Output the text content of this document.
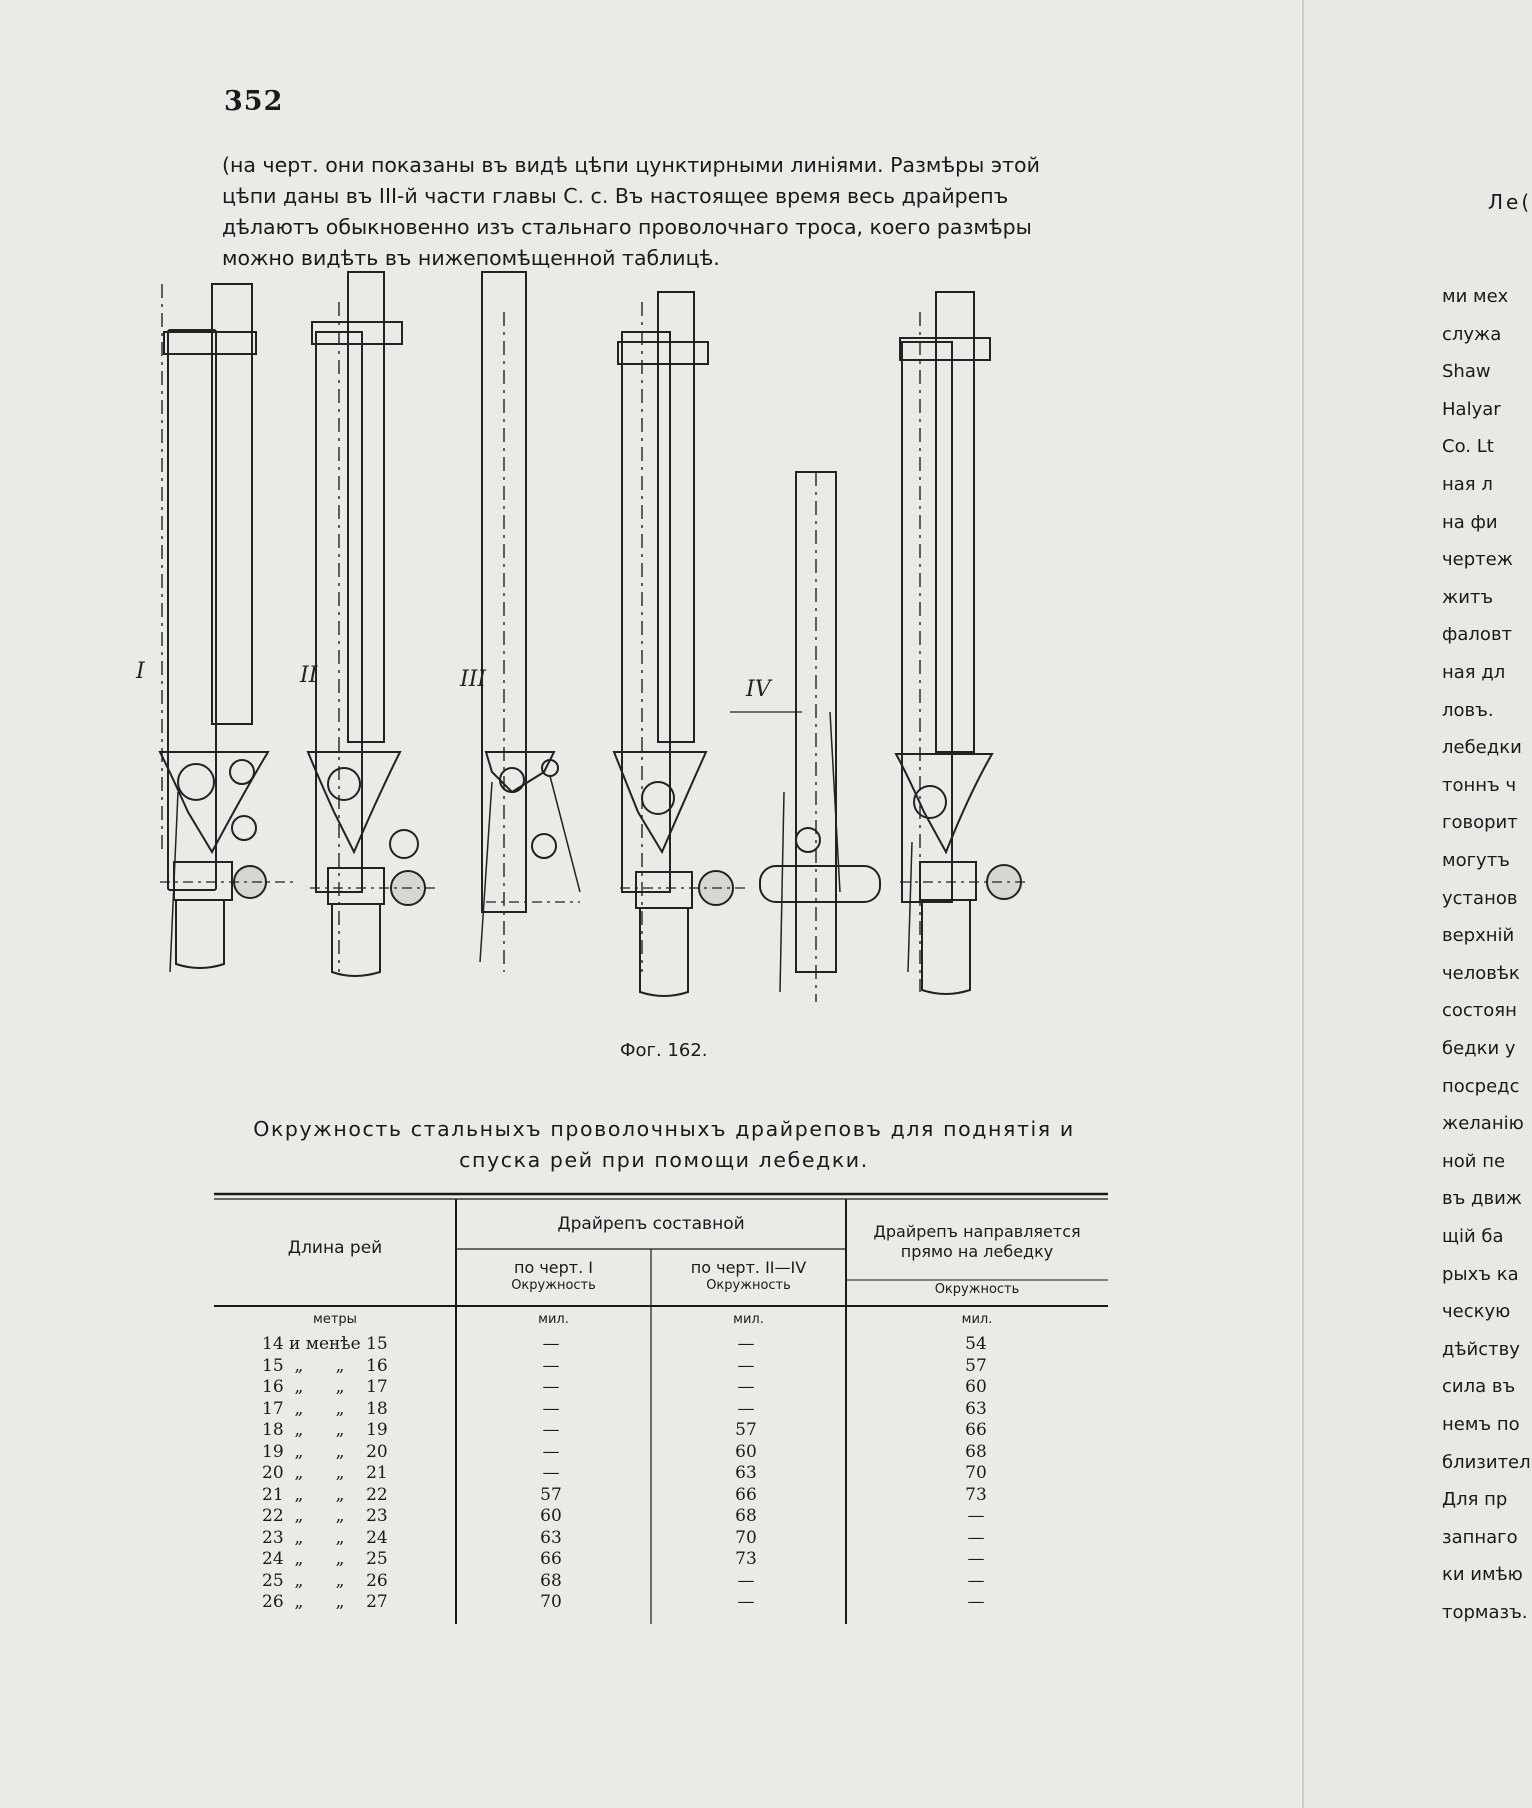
352
(на черт. они показаны въ видѣ цѣпи цунктирными линіями. Размѣры этой
цѣпи даны въ III-й части главы С. с. Въ настоящее время весь драйрепъ
дѣлаютъ обыкновенно изъ стальнаго проволочнаго троса, коего размѣры
можно видѣть въ нижепомѣщенной таблицѣ.
I	II	III	IV
Фог. 162.
Окружность стальныхъ проволочныхъ драйреповъ для поднятія и
спуска рей при помощи лебедки.
Длина рей
Драйрепъ составной
по черт. I
Окружность
по черт. II—IV
Окружность
Драйрепъ направляется
прямо на лебедку
Окружность
метры	мил.	мил.	мил.
14 и менѣе 15	—	—	54
15  „      „    16	—	—	57
16  „      „    17	—	—	60
17  „      „    18	—	—	63
18  „      „    19	—	57	66
19  „      „    20	—	60	68
20  „      „    21	—	63	70
21  „      „    22	57	66	73
22  „      „    23	60	68	—
23  „      „    24	63	70	—
24  „      „    25	66	73	—
25  „      „    26	68	—	—
26  „      „    27	70	—	—
Ле(
ми мех
служа
Shaw
Halyar
Co. Lt
ная л
на фи
чертеж
житъ
фаловт
ная дл
ловъ.
лебедки
тоннъ ч
говорит
могутъ
установ
верхній
человѣк
состоян
бедки у
посредс
желанію
ной пе
въ движ
щій ба
рыхъ ка
ческую
дѣйству
сила въ
немъ по
близител
Для пр
запнаго
ки имѣю
тормазъ.
